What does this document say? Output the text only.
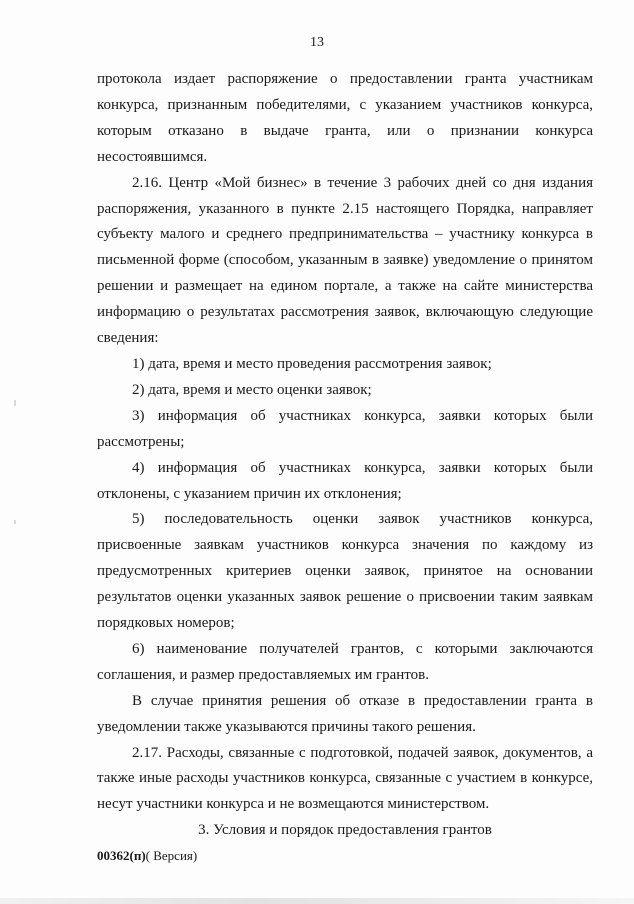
13

протокола издает распоряжение о предоставлении гранта участникам конкурса, признанным победителями, с указанием участников конкурса, которым отказано в выдаче гранта, или о признании конкурса несостоявшимся.

2.16. Центр «Мой бизнес» в течение 3 рабочих дней со дня издания распоряжения, указанного в пункте 2.15 настоящего Порядка, направляет субъекту малого и среднего предпринимательства – участнику конкурса в письменной форме (способом, указанным в заявке) уведомление о принятом решении и размещает на едином портале, а также на сайте министерства информацию о результатах рассмотрения заявок, включающую следующие сведения:

1) дата, время и место проведения рассмотрения заявок;

2) дата, время и место оценки заявок;

3) информация об участниках конкурса, заявки которых были рассмотрены;

4) информация об участниках конкурса, заявки которых были отклонены, с указанием причин их отклонения;

5) последовательность оценки заявок участников конкурса, присвоенные заявкам участников конкурса значения по каждому из предусмотренных критериев оценки заявок, принятое на основании результатов оценки указанных заявок решение о присвоении таким заявкам порядковых номеров;

6) наименование получателей грантов, с которыми заключаются соглашения, и размер предоставляемых им грантов.

В случае принятия решения об отказе в предоставлении гранта в уведомлении также указываются причины такого решения.

2.17. Расходы, связанные с подготовкой, подачей заявок, документов, а также иные расходы участников конкурса, связанные с участием в конкурсе, несут участники конкурса и не возмещаются министерством.

3. Условия и порядок предоставления грантов

00362(п)( Версия)
